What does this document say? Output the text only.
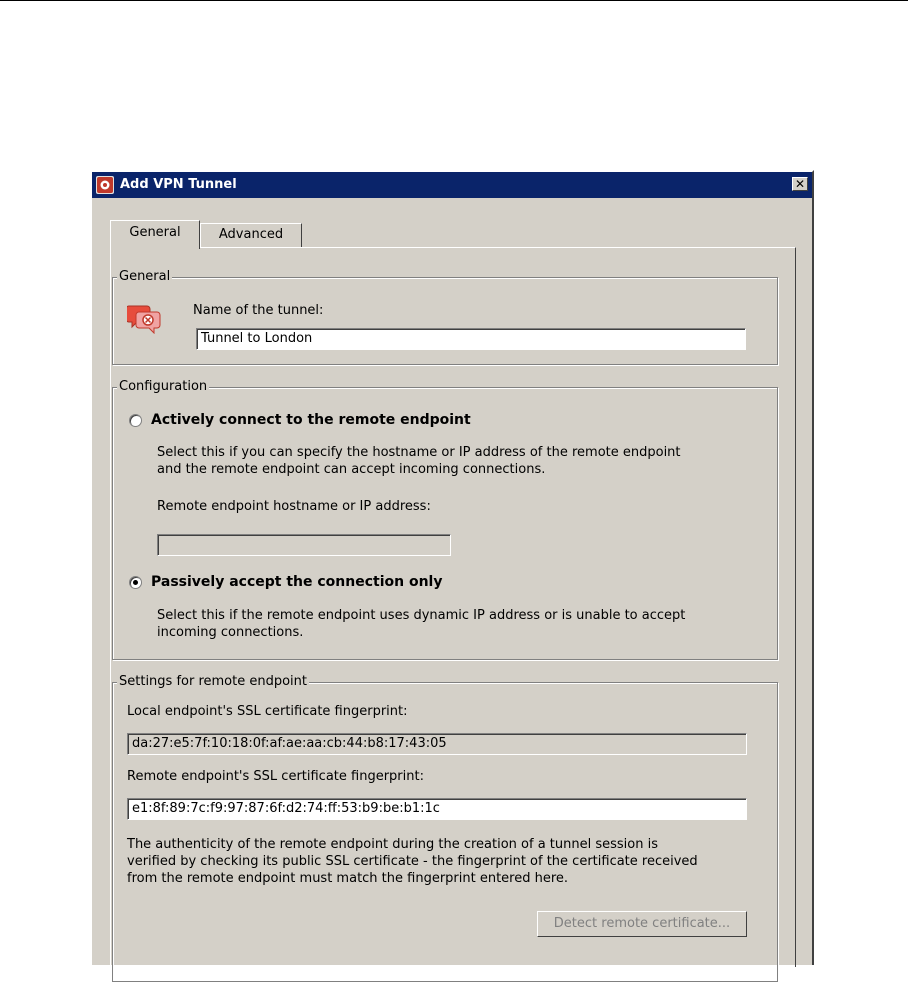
Add VPN Tunnel	✕
General	Advanced
General
Name of the tunnel:
Tunnel to London
Configuration
Actively connect to the remote endpoint
Select this if you can specify the hostname or IP address of the remote endpoint
and the remote endpoint can accept incoming connections.
Remote endpoint hostname or IP address:
Passively accept the connection only
Select this if the remote endpoint uses dynamic IP address or is unable to accept
incoming connections.
Settings for remote endpoint
Local endpoint's SSL certificate fingerprint:
da:27:e5:7f:10:18:0f:af:ae:aa:cb:44:b8:17:43:05
Remote endpoint's SSL certificate fingerprint:
e1:8f:89:7c:f9:97:87:6f:d2:74:ff:53:b9:be:b1:1c
The authenticity of the remote endpoint during the creation of a tunnel session is
verified by checking its public SSL certificate - the fingerprint of the certificate received
from the remote endpoint must match the fingerprint entered here.
Detect remote certificate...
